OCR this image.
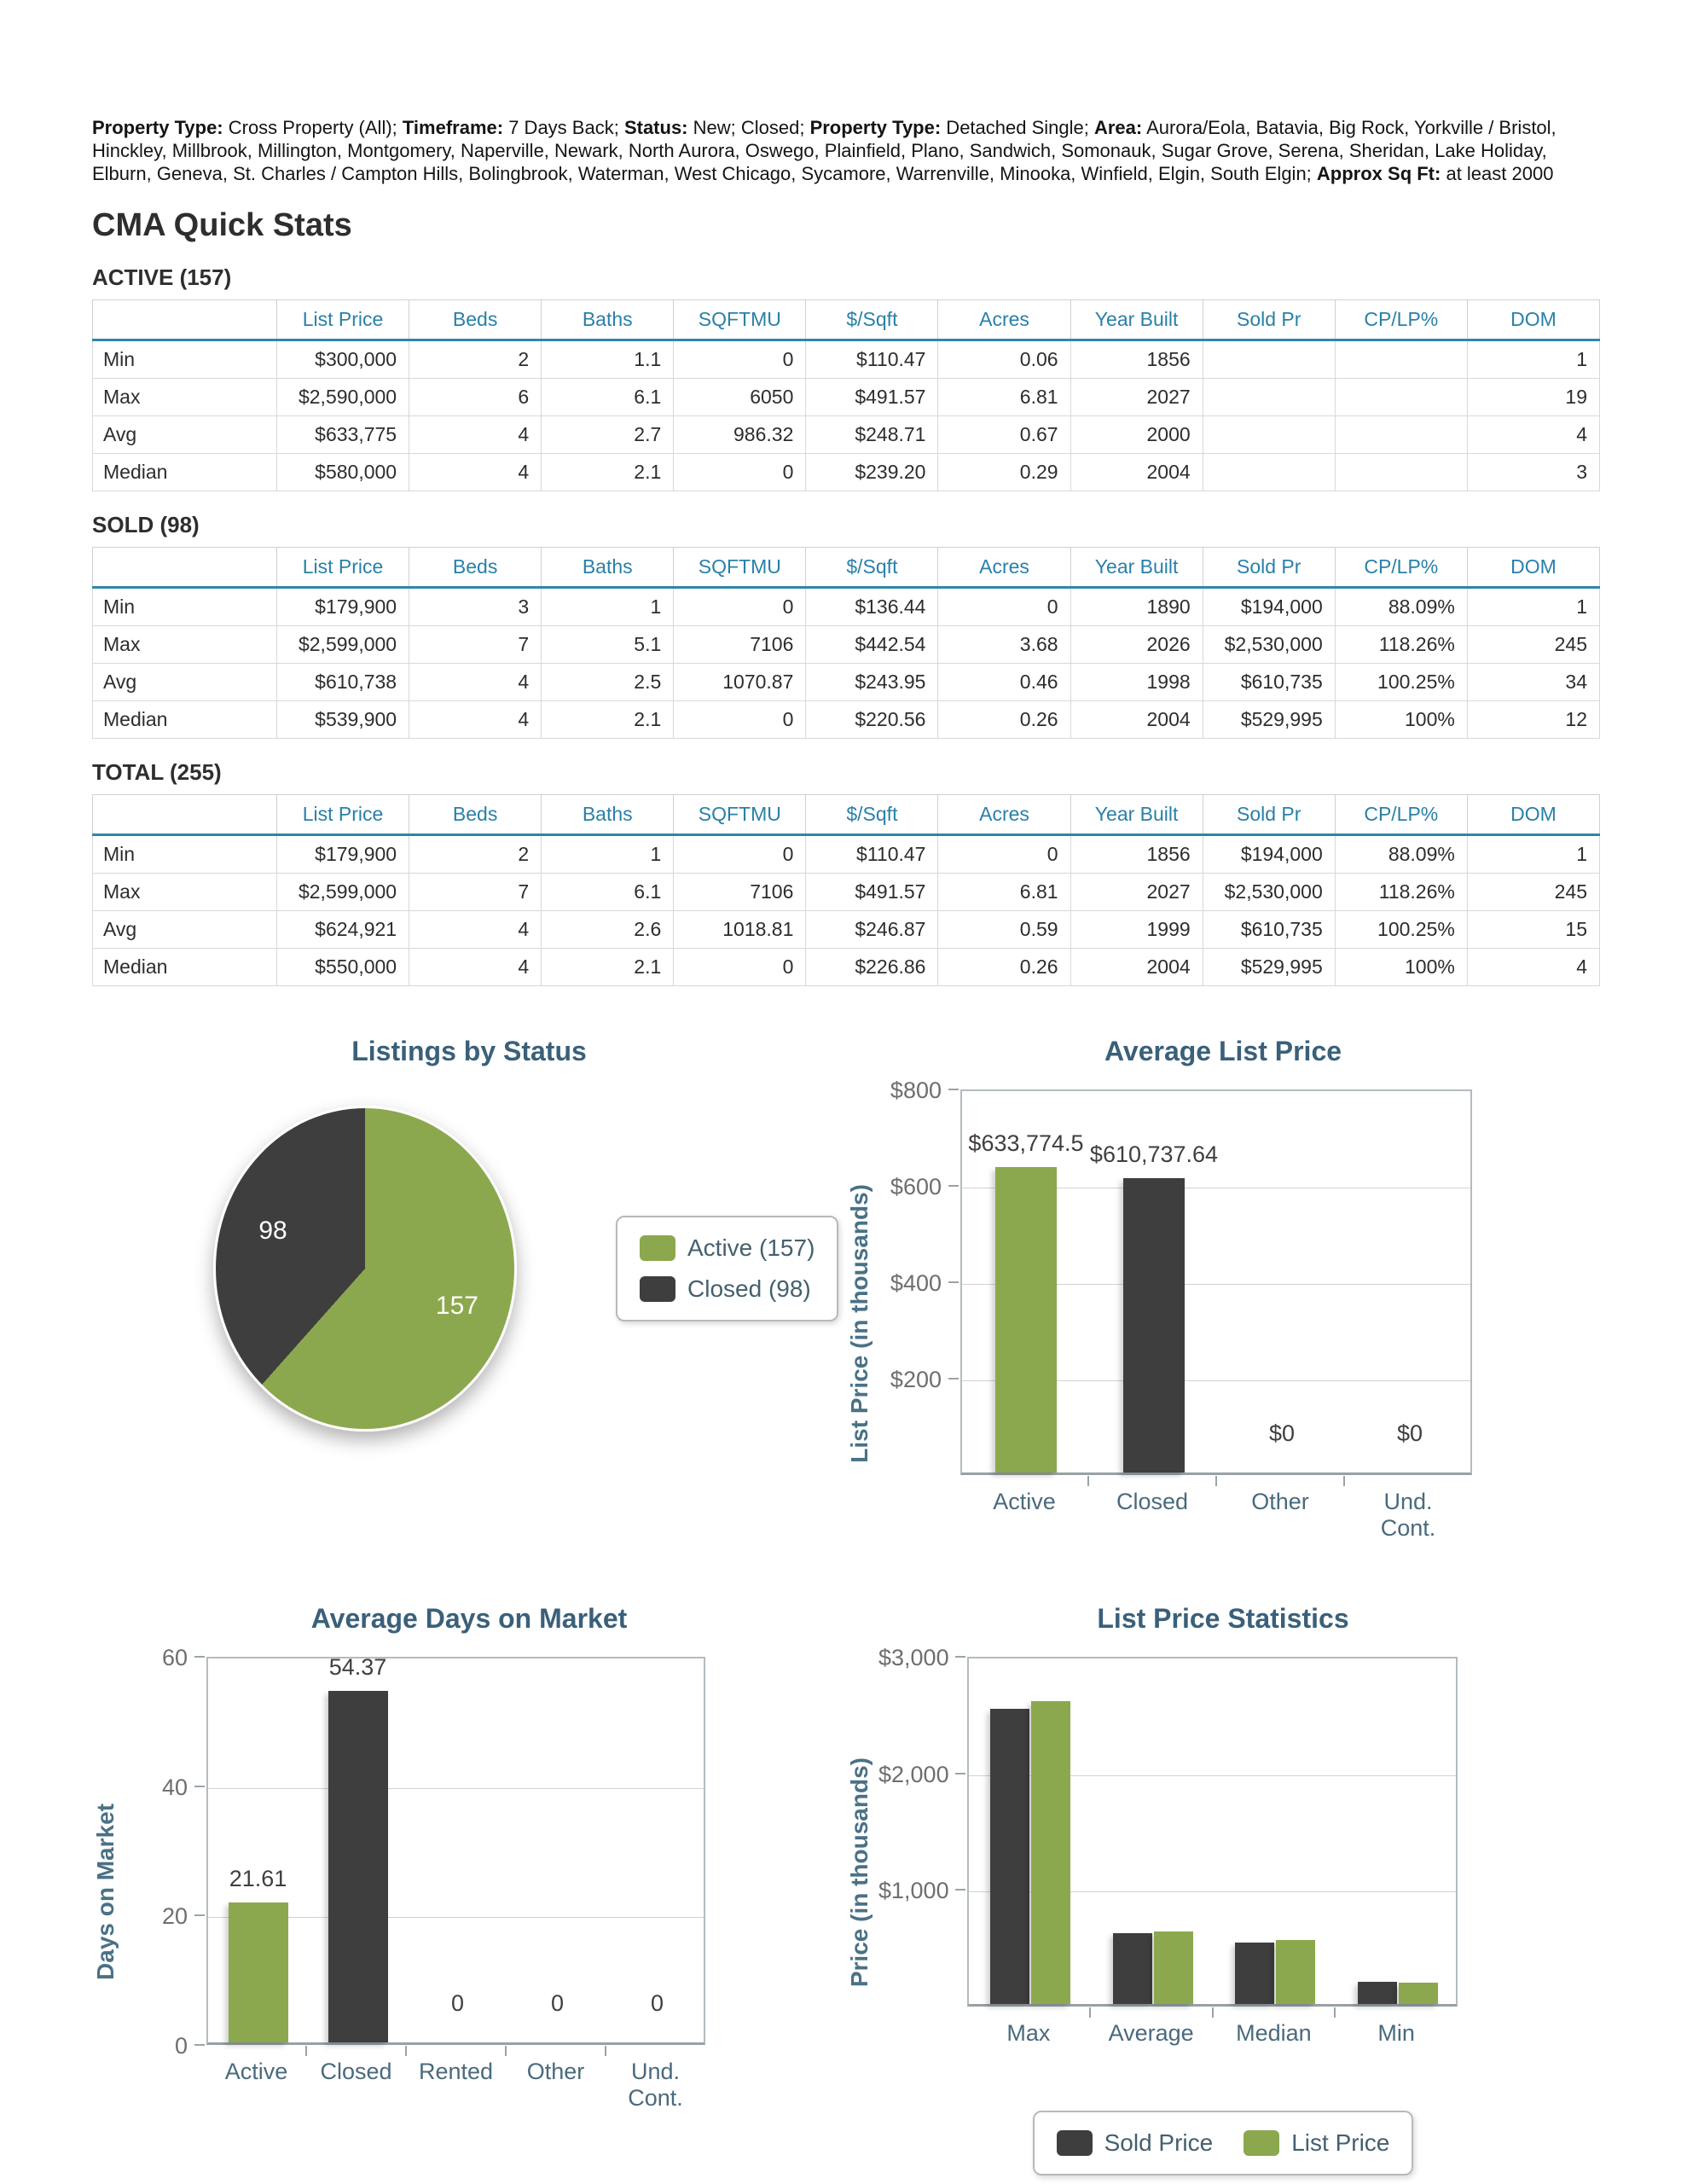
Property Type: Cross Property (All); Timeframe: 7 Days Back; Status: New; Closed; Property Type: Detached Single; Area: Aurora/Eola, Batavia, Big Rock, Yorkville / Bristol, Hinckley, Millbrook, Millington, Montgomery, Naperville, Newark, North Aurora, Oswego, Plainfield, Plano, Sandwich, Somonauk, Sugar Grove, Serena, Sheridan, Lake Holiday, Elburn, Geneva, St. Charles / Campton Hills, Bolingbrook, Waterman, West Chicago, Sycamore, Warrenville, Minooka, Winfield, Elgin, South Elgin; Approx Sq Ft: at least 2000

CMA Quick Stats
ACTIVE (157)
	List Price	Beds	Baths	SQFTMU	$/Sqft	Acres	Year Built	Sold Pr	CP/LP%	DOM
Min	$300,000	2	1.1	0	$110.47	0.06	1856			1
Max	$2,590,000	6	6.1	6050	$491.57	6.81	2027			19
Avg	$633,775	4	2.7	986.32	$248.71	0.67	2000			4
Median	$580,000	4	2.1	0	$239.20	0.29	2004			3
SOLD (98)
	List Price	Beds	Baths	SQFTMU	$/Sqft	Acres	Year Built	Sold Pr	CP/LP%	DOM
Min	$179,900	3	1	0	$136.44	0	1890	$194,000	88.09%	1
Max	$2,599,000	7	5.1	7106	$442.54	3.68	2026	$2,530,000	118.26%	245
Avg	$610,738	4	2.5	1070.87	$243.95	0.46	1998	$610,735	100.25%	34
Median	$539,900	4	2.1	0	$220.56	0.26	2004	$529,995	100%	12
TOTAL (255)
	List Price	Beds	Baths	SQFTMU	$/Sqft	Acres	Year Built	Sold Pr	CP/LP%	DOM
Min	$179,900	2	1	0	$110.47	0	1856	$194,000	88.09%	1
Max	$2,599,000	7	6.1	7106	$491.57	6.81	2027	$2,530,000	118.26%	245
Avg	$624,921	4	2.6	1018.81	$246.87	0.59	1999	$610,735	100.25%	15
Median	$550,000	4	2.1	0	$226.86	0.26	2004	$529,995	100%	4
Listings by Status
157
98
Active (157)
Closed (98)
Average List Price
List Price (in thousands)
$633,774.5 $610,737.64
$0	$0
$800
$600
$400
$200
Active	Closed	Other	Und.
Cont.
Average Days on Market
Days on Market	21.61
54.37
0	0	0
60
40
20
0
Active Closed Rented Other Und.
Cont.
List Price Statistics
Price (in thousands)
$3,000
$2,000
$1,000
Max	Average Median	Min
Sold Price	List Price
